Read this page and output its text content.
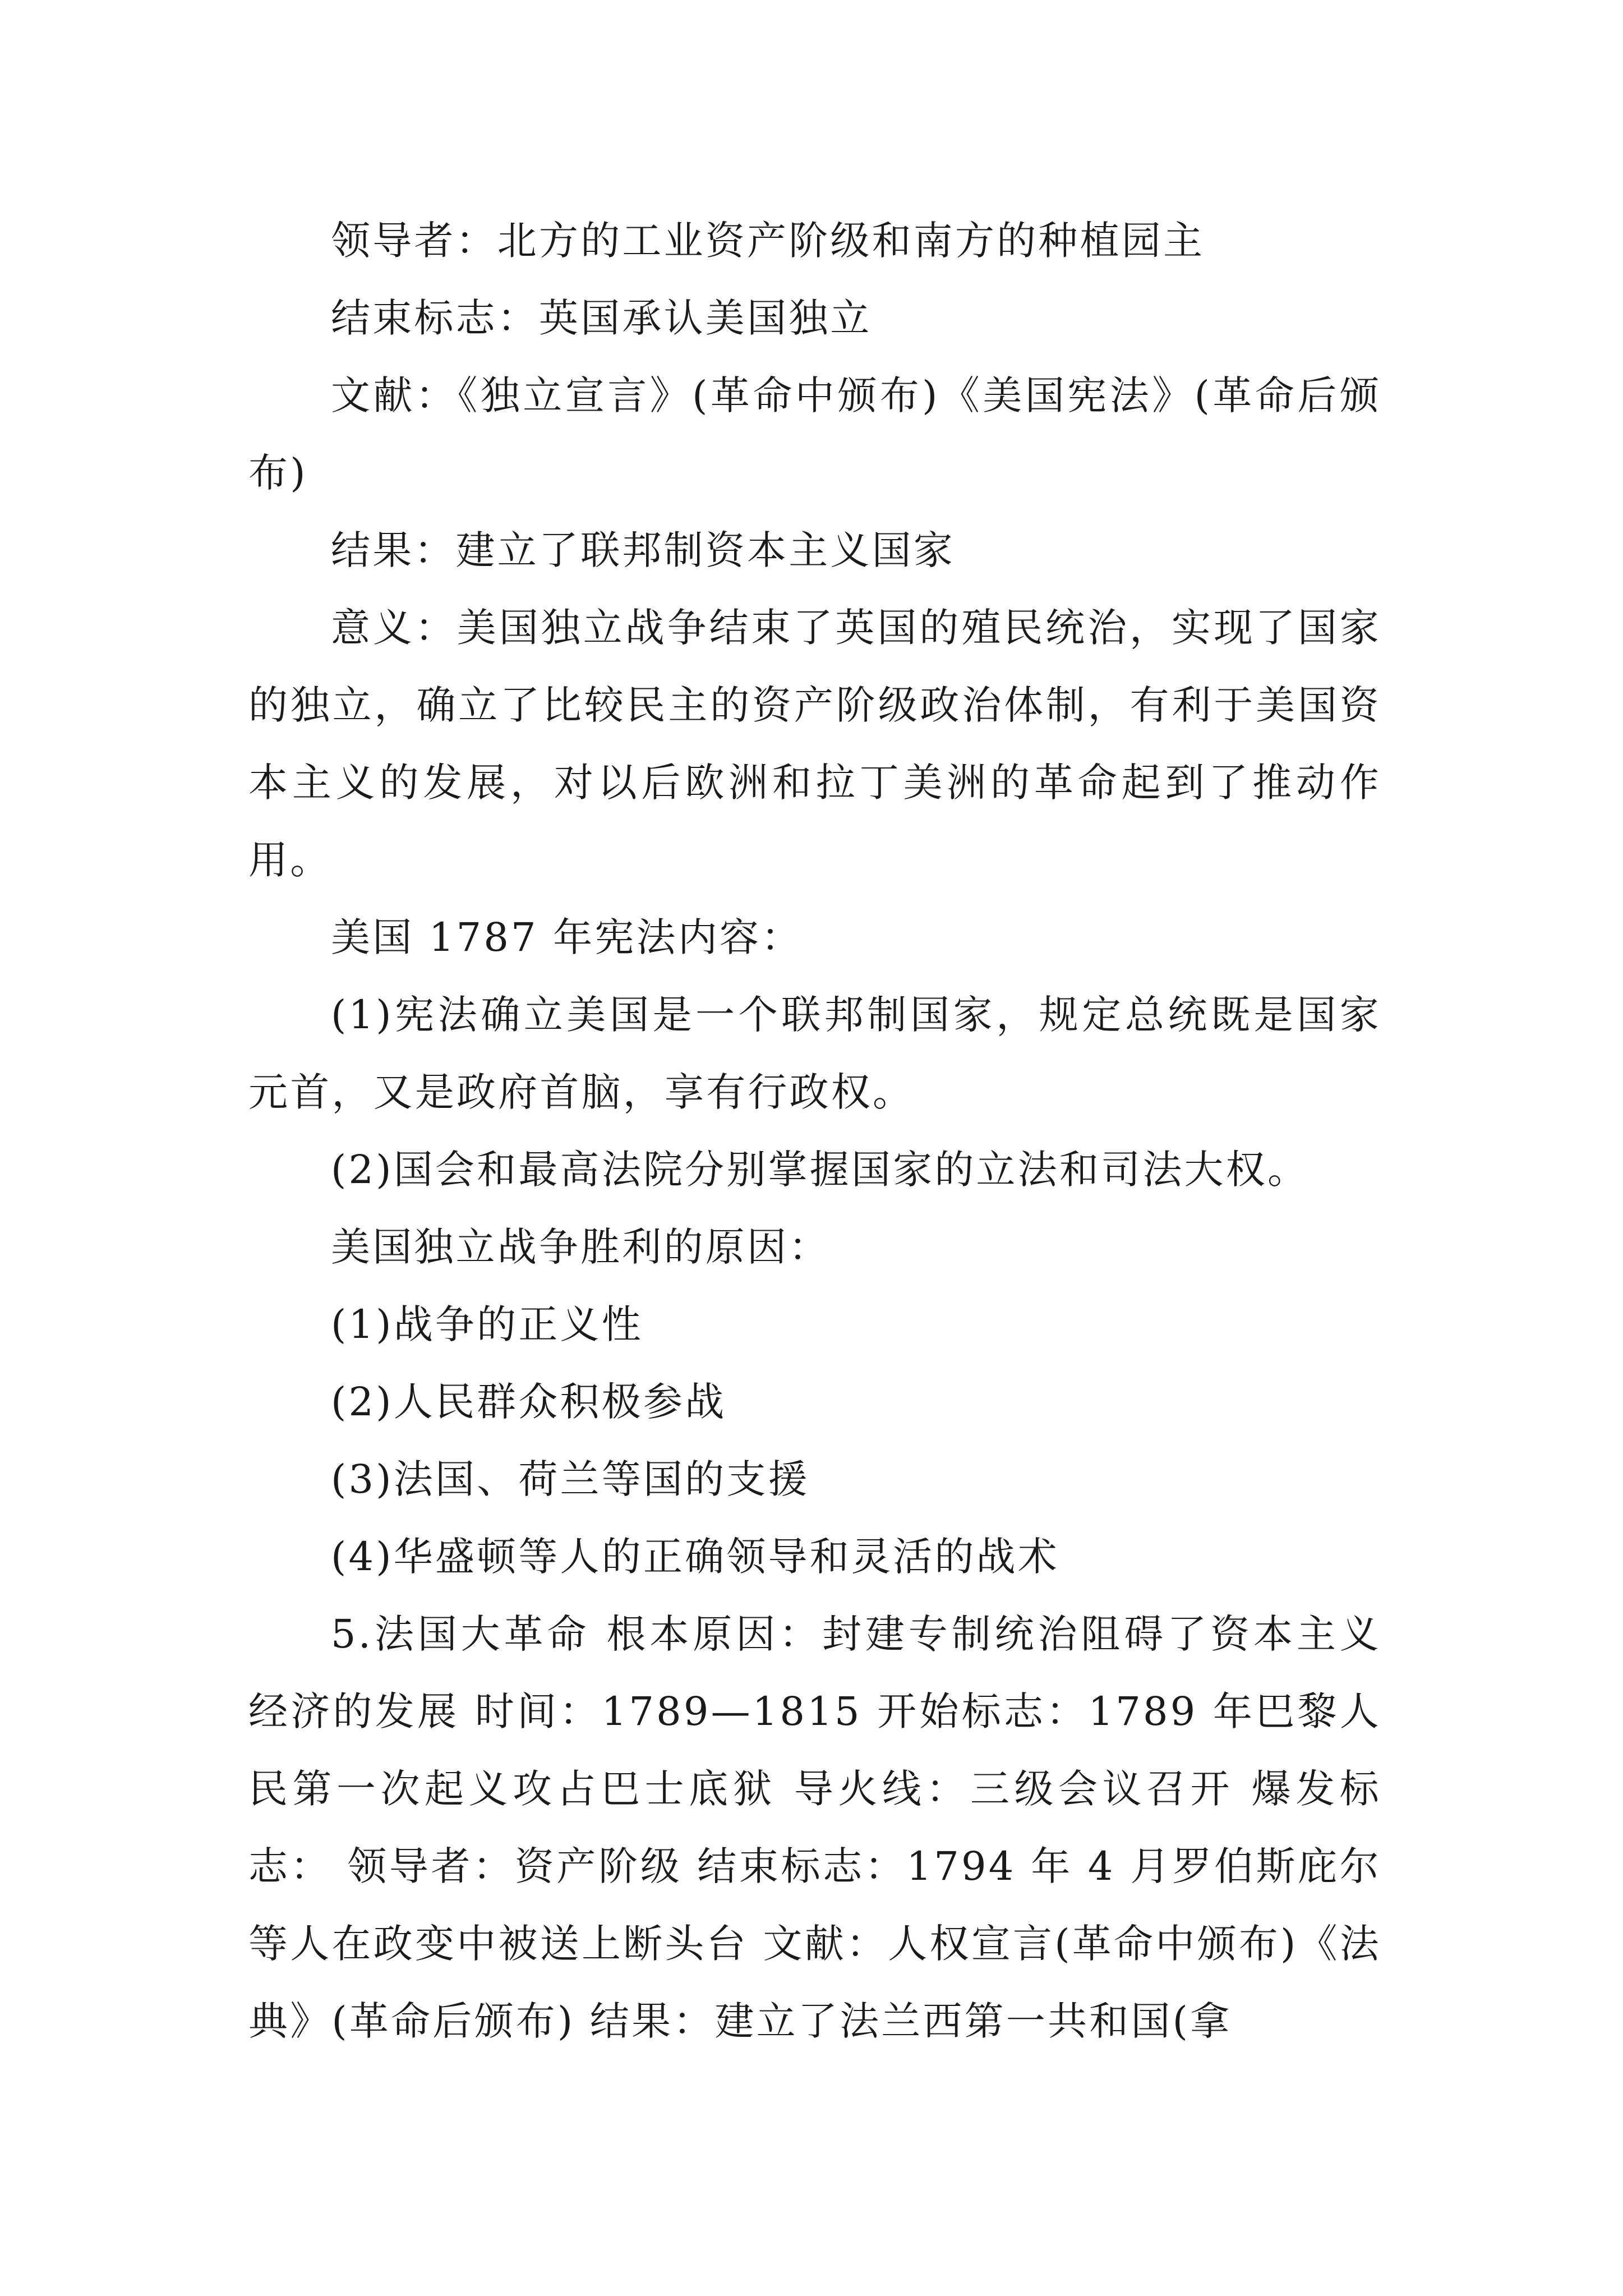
领导者：北方的工业资产阶级和南方的种植园主

结束标志：英国承认美国独立

文献：《独立宣言》(革命中颁布)《美国宪法》(革命后颁布)

结果：建立了联邦制资本主义国家

意义：美国独立战争结束了英国的殖民统治，实现了国家的独立，确立了比较民主的资产阶级政治体制，有利于美国资本主义的发展，对以后欧洲和拉丁美洲的革命起到了推动作用。

美国 1787 年宪法内容：

(1)宪法确立美国是一个联邦制国家，规定总统既是国家元首，又是政府首脑，享有行政权。

(2)国会和最高法院分别掌握国家的立法和司法大权。

美国独立战争胜利的原因：

(1)战争的正义性

(2)人民群众积极参战

(3)法国、荷兰等国的支援

(4)华盛顿等人的正确领导和灵活的战术

5.法国大革命 根本原因：封建专制统治阻碍了资本主义经济的发展 时间：1789—1815 开始标志：1789 年巴黎人民第一次起义攻占巴士底狱 导火线：三级会议召开 爆发标志： 领导者：资产阶级 结束标志：1794 年 4 月罗伯斯庇尔等人在政变中被送上断头台 文献：人权宣言(革命中颁布)《法典》(革命后颁布) 结果：建立了法兰西第一共和国(拿
